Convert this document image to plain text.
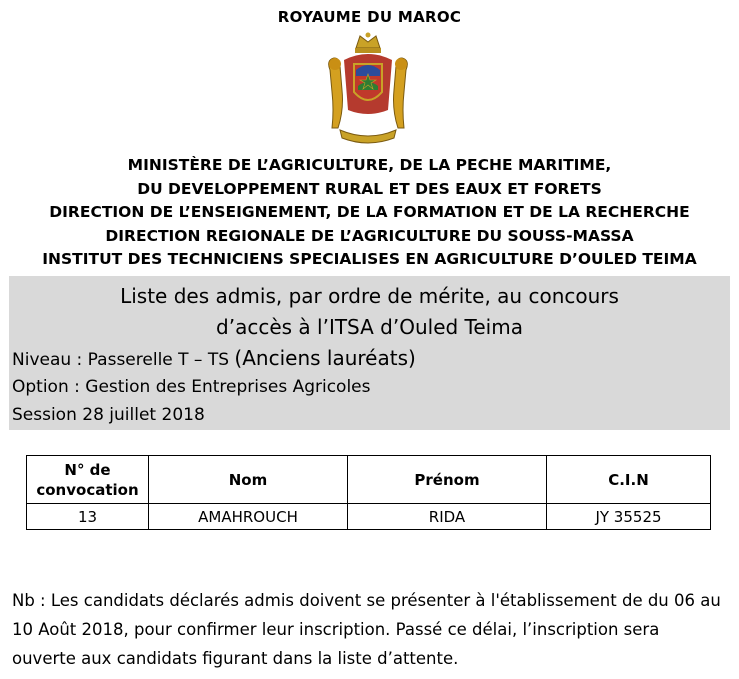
ROYAUME DU MAROC
MINISTÈRE DE L’AGRICULTURE, DE LA PECHE MARITIME,
DU DEVELOPPEMENT RURAL ET DES EAUX ET FORETS
DIRECTION DE L’ENSEIGNEMENT, DE LA FORMATION ET DE LA RECHERCHE
DIRECTION REGIONALE DE L’AGRICULTURE DU SOUSS-MASSA
INSTITUT DES TECHNICIENS SPECIALISES EN AGRICULTURE D’OULED TEIMA
Liste des admis, par ordre de mérite, au concours
d’accès à l’ITSA d’Ouled Teima
Niveau : Passerelle T – TS (Anciens lauréats)
Option : Gestion des Entreprises Agricoles
Session 28 juillet 2018
N° de convocation	Nom	Prénom	C.I.N
13	AMAHROUCH	RIDA	JY 35525
Nb : Les candidats déclarés admis doivent se présenter à l'établissement de du 06 au 10 Août 2018, pour confirmer leur inscription. Passé ce délai, l’inscription sera ouverte aux candidats figurant dans la liste d’attente.
